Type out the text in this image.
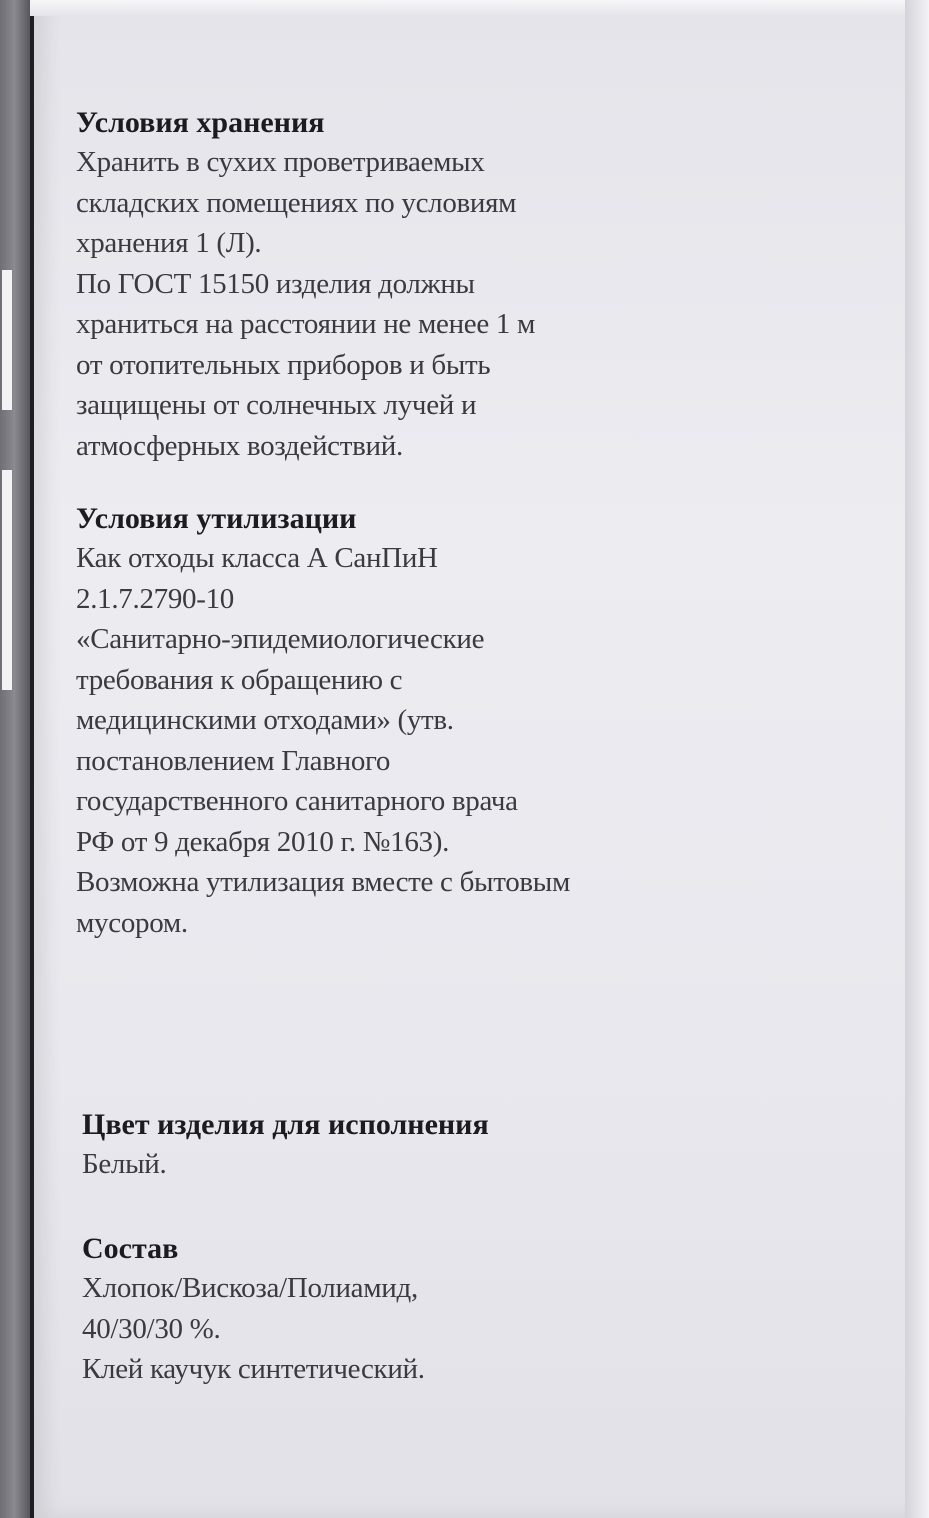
Условия хранения

Хранить в сухих проветриваемых
складских помещениях по условиям
хранения 1 (Л).
По ГОСТ 15150 изделия должны
храниться на расстоянии не менее 1 м
от отопительных приборов и быть
защищены от солнечных лучей и
атмосферных воздействий.

Условия утилизации

Как отходы класса А СанПиН
2.1.7.2790-10
«Санитарно-эпидемиологические
требования к обращению с
медицинскими отходами» (утв.
постановлением Главного
государственного санитарного врача
РФ от 9 декабря 2010 г. №163).
Возможна утилизация вместе с бытовым
мусором.

Цвет изделия для исполнения

Белый.

Состав

Хлопок/Вискоза/Полиамид,
40/30/30 %.
Клей каучук синтетический.
